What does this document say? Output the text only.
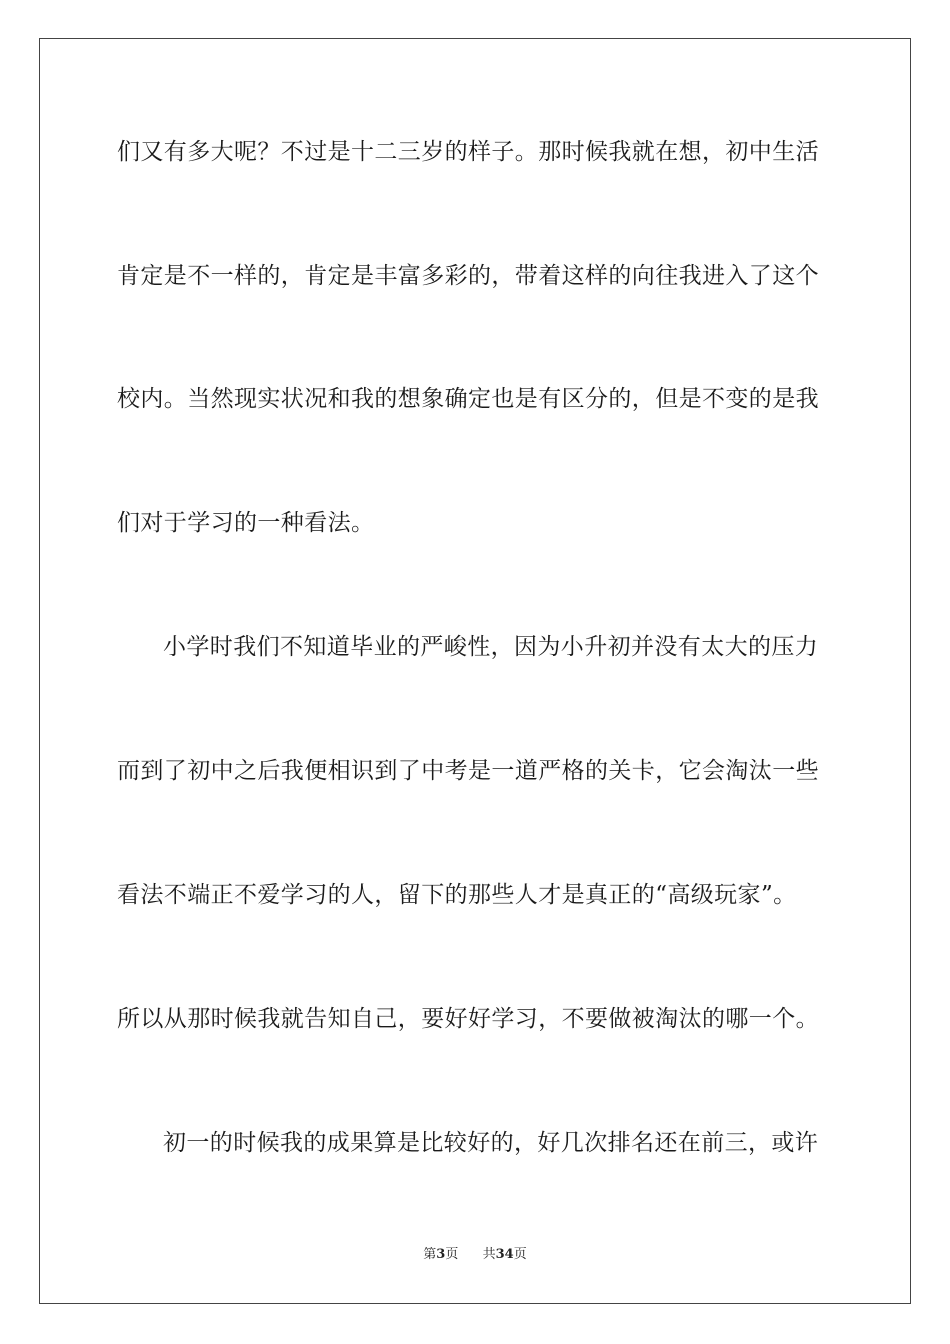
们又有多大呢？不过是十二三岁的样子。那时候我就在想，初中生活
肯定是不一样的，肯定是丰富多彩的，带着这样的向往我进入了这个
校内。当然现实状况和我的想象确定也是有区分的，但是不变的是我
们对于学习的一种看法。
小学时我们不知道毕业的严峻性，因为小升初并没有太大的压力
而到了初中之后我便相识到了中考是一道严格的关卡，它会淘汰一些
看法不端正不爱学习的人，留下的那些人才是真正的“高级玩家”。
所以从那时候我就告知自己，要好好学习，不要做被淘汰的哪一个。
初一的时候我的成果算是比较好的，好几次排名还在前三，或许
第3页 共34页
